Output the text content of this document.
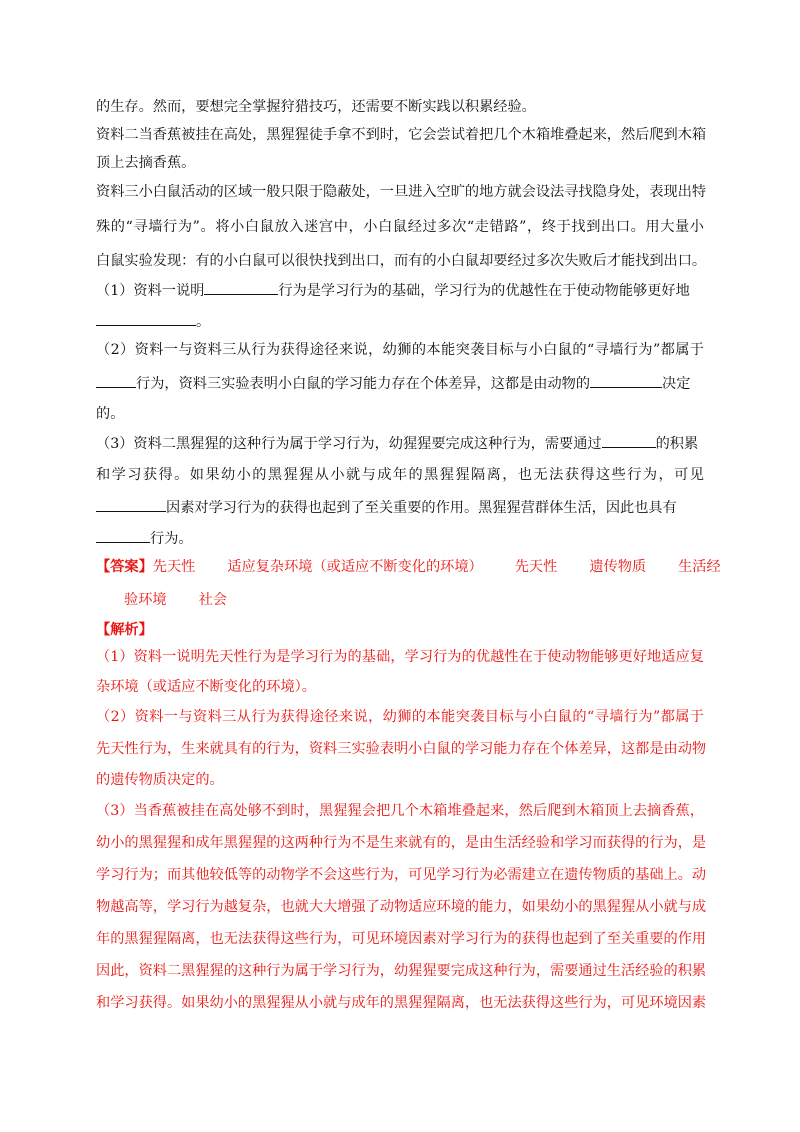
的生存。然而，要想完全掌握狩猎技巧，还需要不断实践以积累经验。
资料二当香蕉被挂在高处，黑猩猩徒手拿不到时，它会尝试着把几个木箱堆叠起来，然后爬到木箱
顶上去摘香蕉。
资料三小白鼠活动的区域一般只限于隐蔽处，一旦进入空旷的地方就会设法寻找隐身处，表现出特
殊的“寻墙行为”。将小白鼠放入迷宫中，小白鼠经过多次“走错路”，终于找到出口。用大量小
白鼠实验发现：有的小白鼠可以很快找到出口，而有的小白鼠却要经过多次失败后才能找到出口。
（1）资料一说明	行为是学习行为的基础，学习行为的优越性在于使动物能够更好地
。
（2）资料一与资料三从行为获得途径来说，幼狮的本能突袭目标与小白鼠的“寻墙行为”都属于
行为，资料三实验表明小白鼠的学习能力存在个体差异，这都是由动物的	决定
的。
（3）资料二黑猩猩的这种行为属于学习行为，幼猩猩要完成这种行为，需要通过	的积累
和学习获得。如果幼小的黑猩猩从小就与成年的黑猩猩隔离，也无法获得这些行为，可见
因素对学习行为的获得也起到了至关重要的作用。黑猩猩营群体生活，因此也具有
行为。
【答案】先天性 适应复杂环境（或适应不断变化的环境） 先天性 遗传物质 生活经
验环境 社会
【解析】
（1）资料一说明先天性行为是学习行为的基础，学习行为的优越性在于使动物能够更好地适应复
杂环境（或适应不断变化的环境）。
（2）资料一与资料三从行为获得途径来说，幼狮的本能突袭目标与小白鼠的“寻墙行为”都属于
先天性行为，生来就具有的行为，资料三实验表明小白鼠的学习能力存在个体差异，这都是由动物
的遗传物质决定的。
（3）当香蕉被挂在高处够不到时，黑猩猩会把几个木箱堆叠起来，然后爬到木箱顶上去摘香蕉，
幼小的黑猩猩和成年黑猩猩的这两种行为不是生来就有的，是由生活经验和学习而获得的行为，是
学习行为；而其他较低等的动物学不会这些行为，可见学习行为必需建立在遗传物质的基础上。动
物越高等，学习行为越复杂，也就大大增强了动物适应环境的能力，如果幼小的黑猩猩从小就与成
年的黑猩猩隔离，也无法获得这些行为，可见环境因素对学习行为的获得也起到了至关重要的作用
因此，资料二黑猩猩的这种行为属于学习行为，幼猩猩要完成这种行为，需要通过生活经验的积累
和学习获得。如果幼小的黑猩猩从小就与成年的黑猩猩隔离，也无法获得这些行为，可见环境因素
